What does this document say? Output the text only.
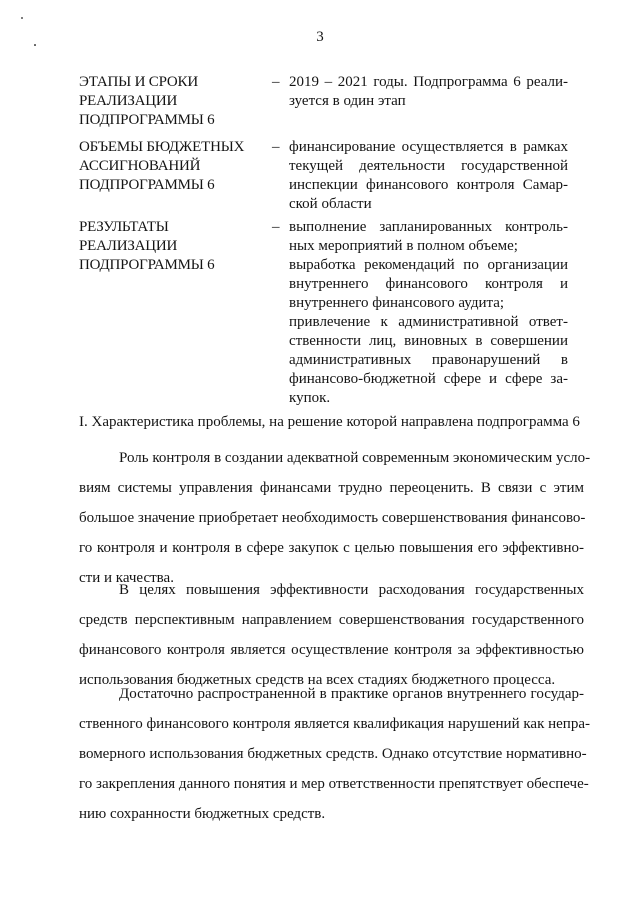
3
ЭТАПЫ И СРОКИ
РЕАЛИЗАЦИИ
ПОДПРОГРАММЫ 6
– 2019 – 2021 годы. Подпрограмма 6 реали-
зуется в один этап
ОБЪЕМЫ БЮДЖЕТНЫХ
АССИГНОВАНИЙ
ПОДПРОГРАММЫ 6
– финансирование осуществляется в рамках
текущей деятельности государственной
инспекции финансового контроля Самар-
ской области
РЕЗУЛЬТАТЫ
РЕАЛИЗАЦИИ
ПОДПРОГРАММЫ 6
– выполнение запланированных контроль-
ных мероприятий в полном объеме;
выработка рекомендаций по организации
внутреннего финансового контроля и
внутреннего финансового аудита;
привлечение к административной ответ-
ственности лиц, виновных в совершении
административных правонарушений в
финансово-бюджетной сфере и сфере за-
купок.
I. Характеристика проблемы, на решение которой направлена подпрограмма 6
Роль контроля в создании адекватной современным экономическим усло-
виям системы управления финансами трудно переоценить. В связи с этим
большое значение приобретает необходимость совершенствования финансово-
го контроля и контроля в сфере закупок с целью повышения его эффективно-
сти и качества.
В целях повышения эффективности расходования государственных
средств перспективным направлением совершенствования государственного
финансового контроля является осуществление контроля за эффективностью
использования бюджетных средств на всех стадиях бюджетного процесса.
Достаточно распространенной в практике органов внутреннего государ-
ственного финансового контроля является квалификация нарушений как непра-
вомерного использования бюджетных средств. Однако отсутствие нормативно-
го закрепления данного понятия и мер ответственности препятствует обеспече-
нию сохранности бюджетных средств.
